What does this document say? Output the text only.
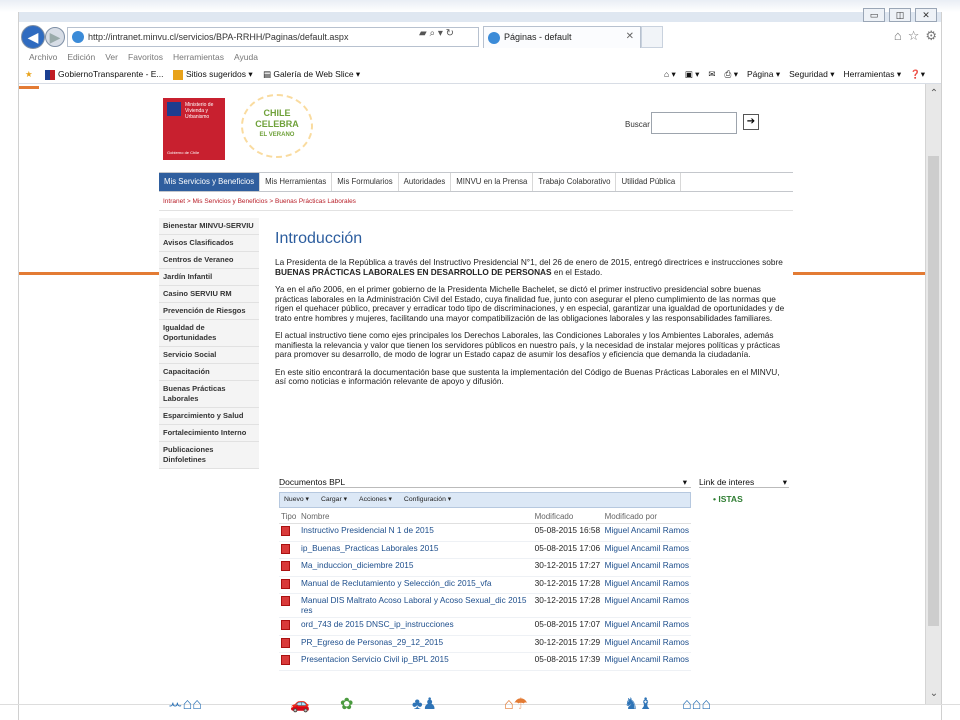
▭	◫	✕
◀ ▶	http://intranet.minvu.cl/servicios/BPA-RRHH/Paginas/default.aspx	▰ ⌕ ▾ ↻	Páginas - default	✕	⌂ ☆ ⚙
Archivo Edición Ver Favoritos Herramientas Ayuda
★	GobiernoTransparente - E...	Sitios sugeridos ▾ ▤ Galería de Web Slice ▾	⌂ ▾ ▣ ▾ ✉ ⎙ ▾ Página ▾ Seguridad ▾ Herramientas ▾ ❓▾
Ministerio de Vivienda y Urbanismo
Gobierno de Chile
CHILE
CELEBRA
EL VERANO
Buscar	➔
Mis Servicios y Beneficios	Mis Herramientas	Mis Formularios	Autoridades	MINVU en la Prensa	Trabajo Colaborativo	Utilidad Pública
Intranet > Mis Servicios y Beneficios > Buenas Prácticas Laborales
Bienestar MINVU-SERVIU
Avisos Clasificados
Centros de Veraneo
Jardín Infantil
Casino SERVIU RM
Prevención de Riesgos
Igualdad de Oportunidades
Servicio Social
Capacitación
Buenas Prácticas Laborales
Esparcimiento y Salud
Fortalecimiento Interno
Publicaciones Dinfoletines
Introducción
La Presidenta de la República a través del Instructivo Presidencial N°1, del 26 de enero de 2015, entregó directrices e instrucciones sobre BUENAS PRÁCTICAS LABORALES EN DESARROLLO DE PERSONAS en el Estado.
Ya en el año 2006, en el primer gobierno de la Presidenta Michelle Bachelet, se dictó el primer instructivo presidencial sobre buenas prácticas laborales en la Administración Civil del Estado, cuya finalidad fue, junto con asegurar el pleno cumplimiento de las normas que rigen el quehacer público, precaver y erradicar todo tipo de discriminaciones, y en especial, garantizar una igualdad de oportunidades y de trato entre hombres y mujeres, facilitando una mayor compatibilización de las obligaciones laborales y las responsabilidades familiares.
El actual instructivo tiene como ejes principales los Derechos Laborales, las Condiciones Laborales y los Ambientes Laborales, además manifiesta la relevancia y valor que tienen los servidores públicos en nuestro país, y la necesidad de instalar mejores políticas y prácticas para promover su desarrollo, de modo de lograr un Estado capaz de asumir los desafíos y eficiencia que demanda la ciudadanía.
En este sitio encontrará la documentación base que sustenta la implementación del Código de Buenas Prácticas Laborales en el MINVU, así como noticias e información relevante de apoyo y difusión.
Documentos BPL	▾
Nuevo ▾ Cargar ▾ Acciones ▾ Configuración ▾
Tipo	Nombre	Modificado	Modificado por
	Instructivo Presidencial N 1 de 2015	05-08-2015 16:58	Miguel Ancamil Ramos
	ip_Buenas_Practicas Laborales 2015	05-08-2015 17:06	Miguel Ancamil Ramos
	Ma_induccion_diciembre 2015	30-12-2015 17:27	Miguel Ancamil Ramos
	Manual de Reclutamiento y Selección_dic 2015_vfa	30-12-2015 17:28	Miguel Ancamil Ramos
	Manual DIS Maltrato Acoso Laboral y Acoso Sexual_dic 2015 res	30-12-2015 17:28	Miguel Ancamil Ramos
	ord_743 de 2015 DNSC_ip_instrucciones	05-08-2015 17:07	Miguel Ancamil Ramos
	PR_Egreso de Personas_29_12_2015	30-12-2015 17:29	Miguel Ancamil Ramos
	Presentacion Servicio Civil ip_BPL 2015	05-08-2015 17:39	Miguel Ancamil Ramos
Link de interes	▾
• ISTAS
⌃
⌄
ꕀ⌂⌂	🚗 ✿	♣♟	⌂☂	♞♝ ⌂⌂⌂
